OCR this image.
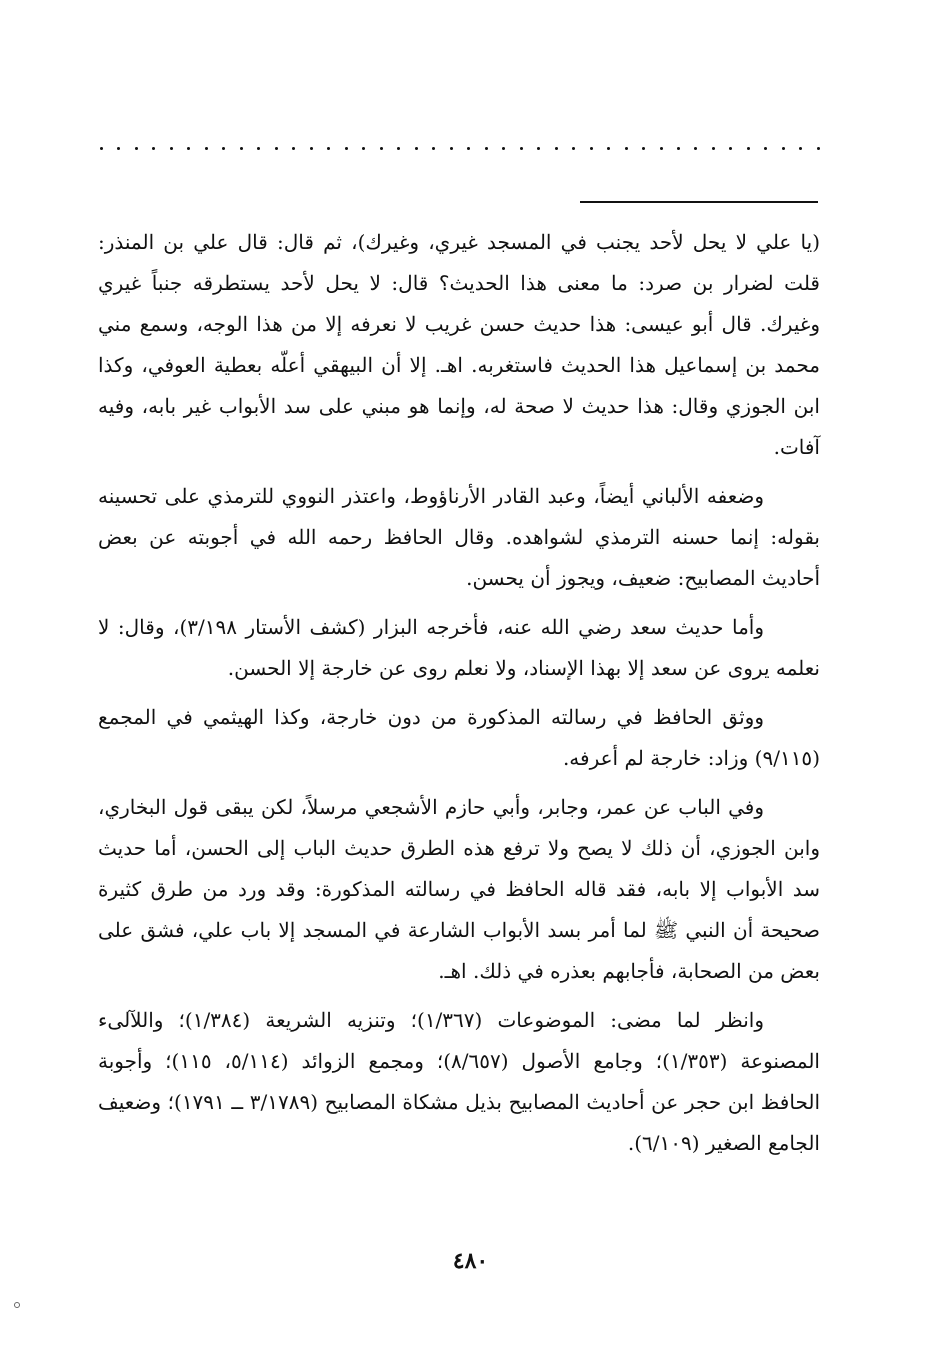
(يا علي لا يحل لأحد يجنب في المسجد غيري، وغيرك)، ثم قال: قال علي بن المنذر: قلت لضرار بن صرد: ما معنى هذا الحديث؟ قال: لا يحل لأحد يستطرقه جنباً غيري وغيرك. قال أبو عيسى: هذا حديث حسن غريب لا نعرفه إلا من هذا الوجه، وسمع مني محمد بن إسماعيل هذا الحديث فاستغربه. اهـ. إلا أن البيهقي أعلّه بعطية العوفي، وكذا ابن الجوزي وقال: هذا حديث لا صحة له، وإنما هو مبني على سد الأبواب غير بابه، وفيه آفات.

وضعفه الألباني أيضاً، وعبد القادر الأرناؤوط، واعتذر النووي للترمذي على تحسينه بقوله: إنما حسنه الترمذي لشواهده. وقال الحافظ رحمه الله في أجوبته عن بعض أحاديث المصابيح: ضعيف، ويجوز أن يحسن.

وأما حديث سعد رضي الله عنه، فأخرجه البزار (كشف الأستار ٣/١٩٨)، وقال: لا نعلمه يروى عن سعد إلا بهذا الإسناد، ولا نعلم روى عن خارجة إلا الحسن.

ووثق الحافظ في رسالته المذكورة من دون خارجة، وكذا الهيثمي في المجمع (٩/١١٥) وزاد: خارجة لم أعرفه.

وفي الباب عن عمر، وجابر، وأبي حازم الأشجعي مرسلاً، لكن يبقى قول البخاري، وابن الجوزي، أن ذلك لا يصح ولا ترفع هذه الطرق حديث الباب إلى الحسن، أما حديث سد الأبواب إلا بابه، فقد قاله الحافظ في رسالته المذكورة: وقد ورد من طرق كثيرة صحيحة أن النبي ﷺ لما أمر بسد الأبواب الشارعة في المسجد إلا باب علي، فشق على بعض من الصحابة، فأجابهم بعذره في ذلك. اهـ.

وانظر لما مضى: الموضوعات (١/٣٦٧)؛ وتنزيه الشريعة (١/٣٨٤)؛ واللآلىء المصنوعة (١/٣٥٣)؛ وجامع الأصول (٨/٦٥٧)؛ ومجمع الزوائد (٥/١١٤، ١١٥)؛ وأجوبة الحافظ ابن حجر عن أحاديث المصابيح بذيل مشكاة المصابيح (٣/١٧٨٩ ــ ١٧٩١)؛ وضعيف الجامع الصغير (٦/١٠٩).

٤٨٠
